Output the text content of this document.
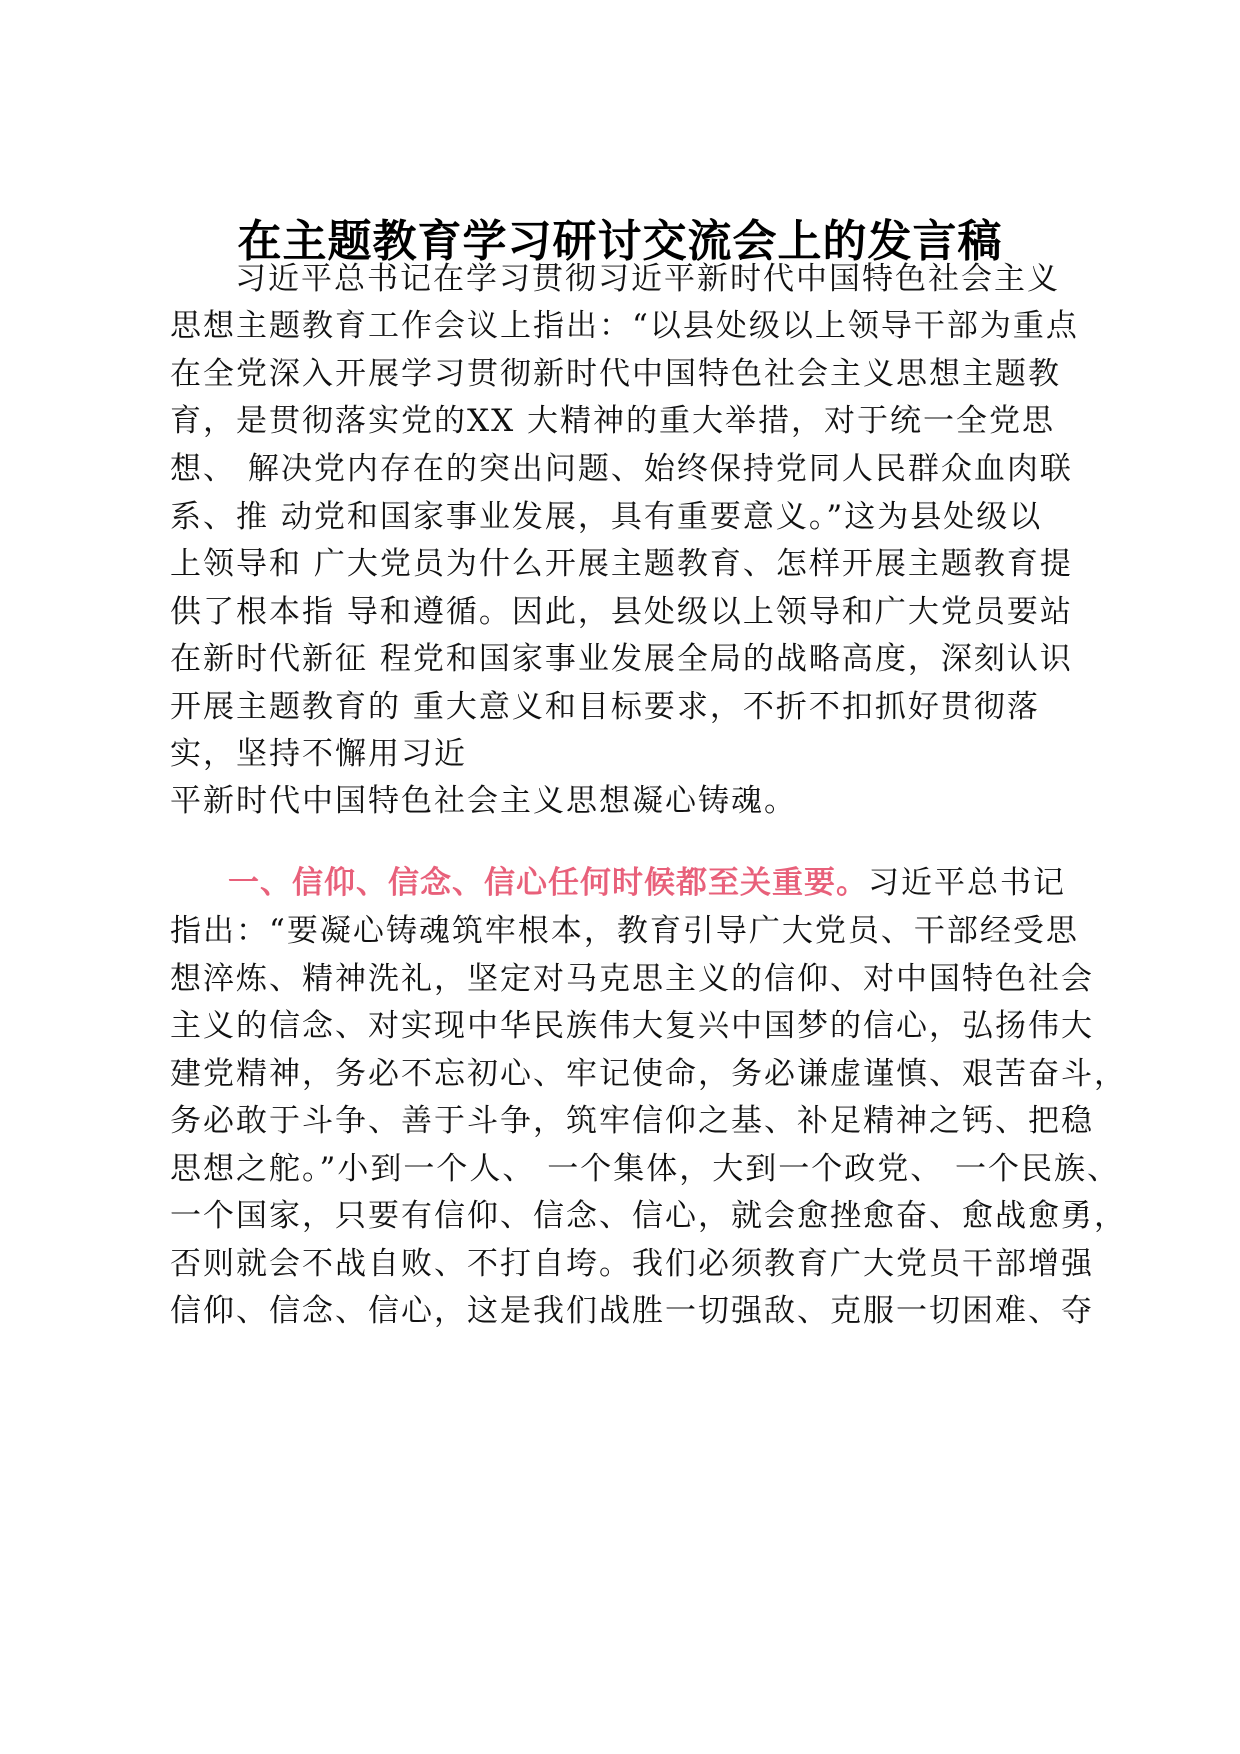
在主题教育学习研讨交流会上的发言稿
习近平总书记在学习贯彻习近平新时代中国特色社会主义
思想主题教育工作会议上指出：“以县处级以上领导干部为重点
在全党深入开展学习贯彻新时代中国特色社会主义思想主题教
育，是贯彻落实党的XX 大精神的重大举措，对于统一全党思
想、 解决党内存在的突出问题、始终保持党同人民群众血肉联
系、推 动党和国家事业发展，具有重要意义。”这为县处级以
上领导和 广大党员为什么开展主题教育、怎样开展主题教育提
供了根本指 导和遵循。因此，县处级以上领导和广大党员要站
在新时代新征 程党和国家事业发展全局的战略高度，深刻认识
开展主题教育的 重大意义和目标要求，不折不扣抓好贯彻落
实，坚持不懈用习近
平新时代中国特色社会主义思想凝心铸魂。
一、信仰、信念、信心任何时候都至关重要。习近平总书记
指出：“要凝心铸魂筑牢根本，教育引导广大党员、干部经受思
想淬炼、精神洗礼，坚定对马克思主义的信仰、对中国特色社会
主义的信念、对实现中华民族伟大复兴中国梦的信心，弘扬伟大
建党精神，务必不忘初心、牢记使命，务必谦虚谨慎、艰苦奋斗，
务必敢于斗争、善于斗争，筑牢信仰之基、补足精神之钙、把稳
思想之舵。”小到一个人、 一个集体，大到一个政党、 一个民族、
一个国家，只要有信仰、信念、信心，就会愈挫愈奋、愈战愈勇，
否则就会不战自败、不打自垮。我们必须教育广大党员干部增强
信仰、信念、信心，这是我们战胜一切强敌、克服一切困难、夺
